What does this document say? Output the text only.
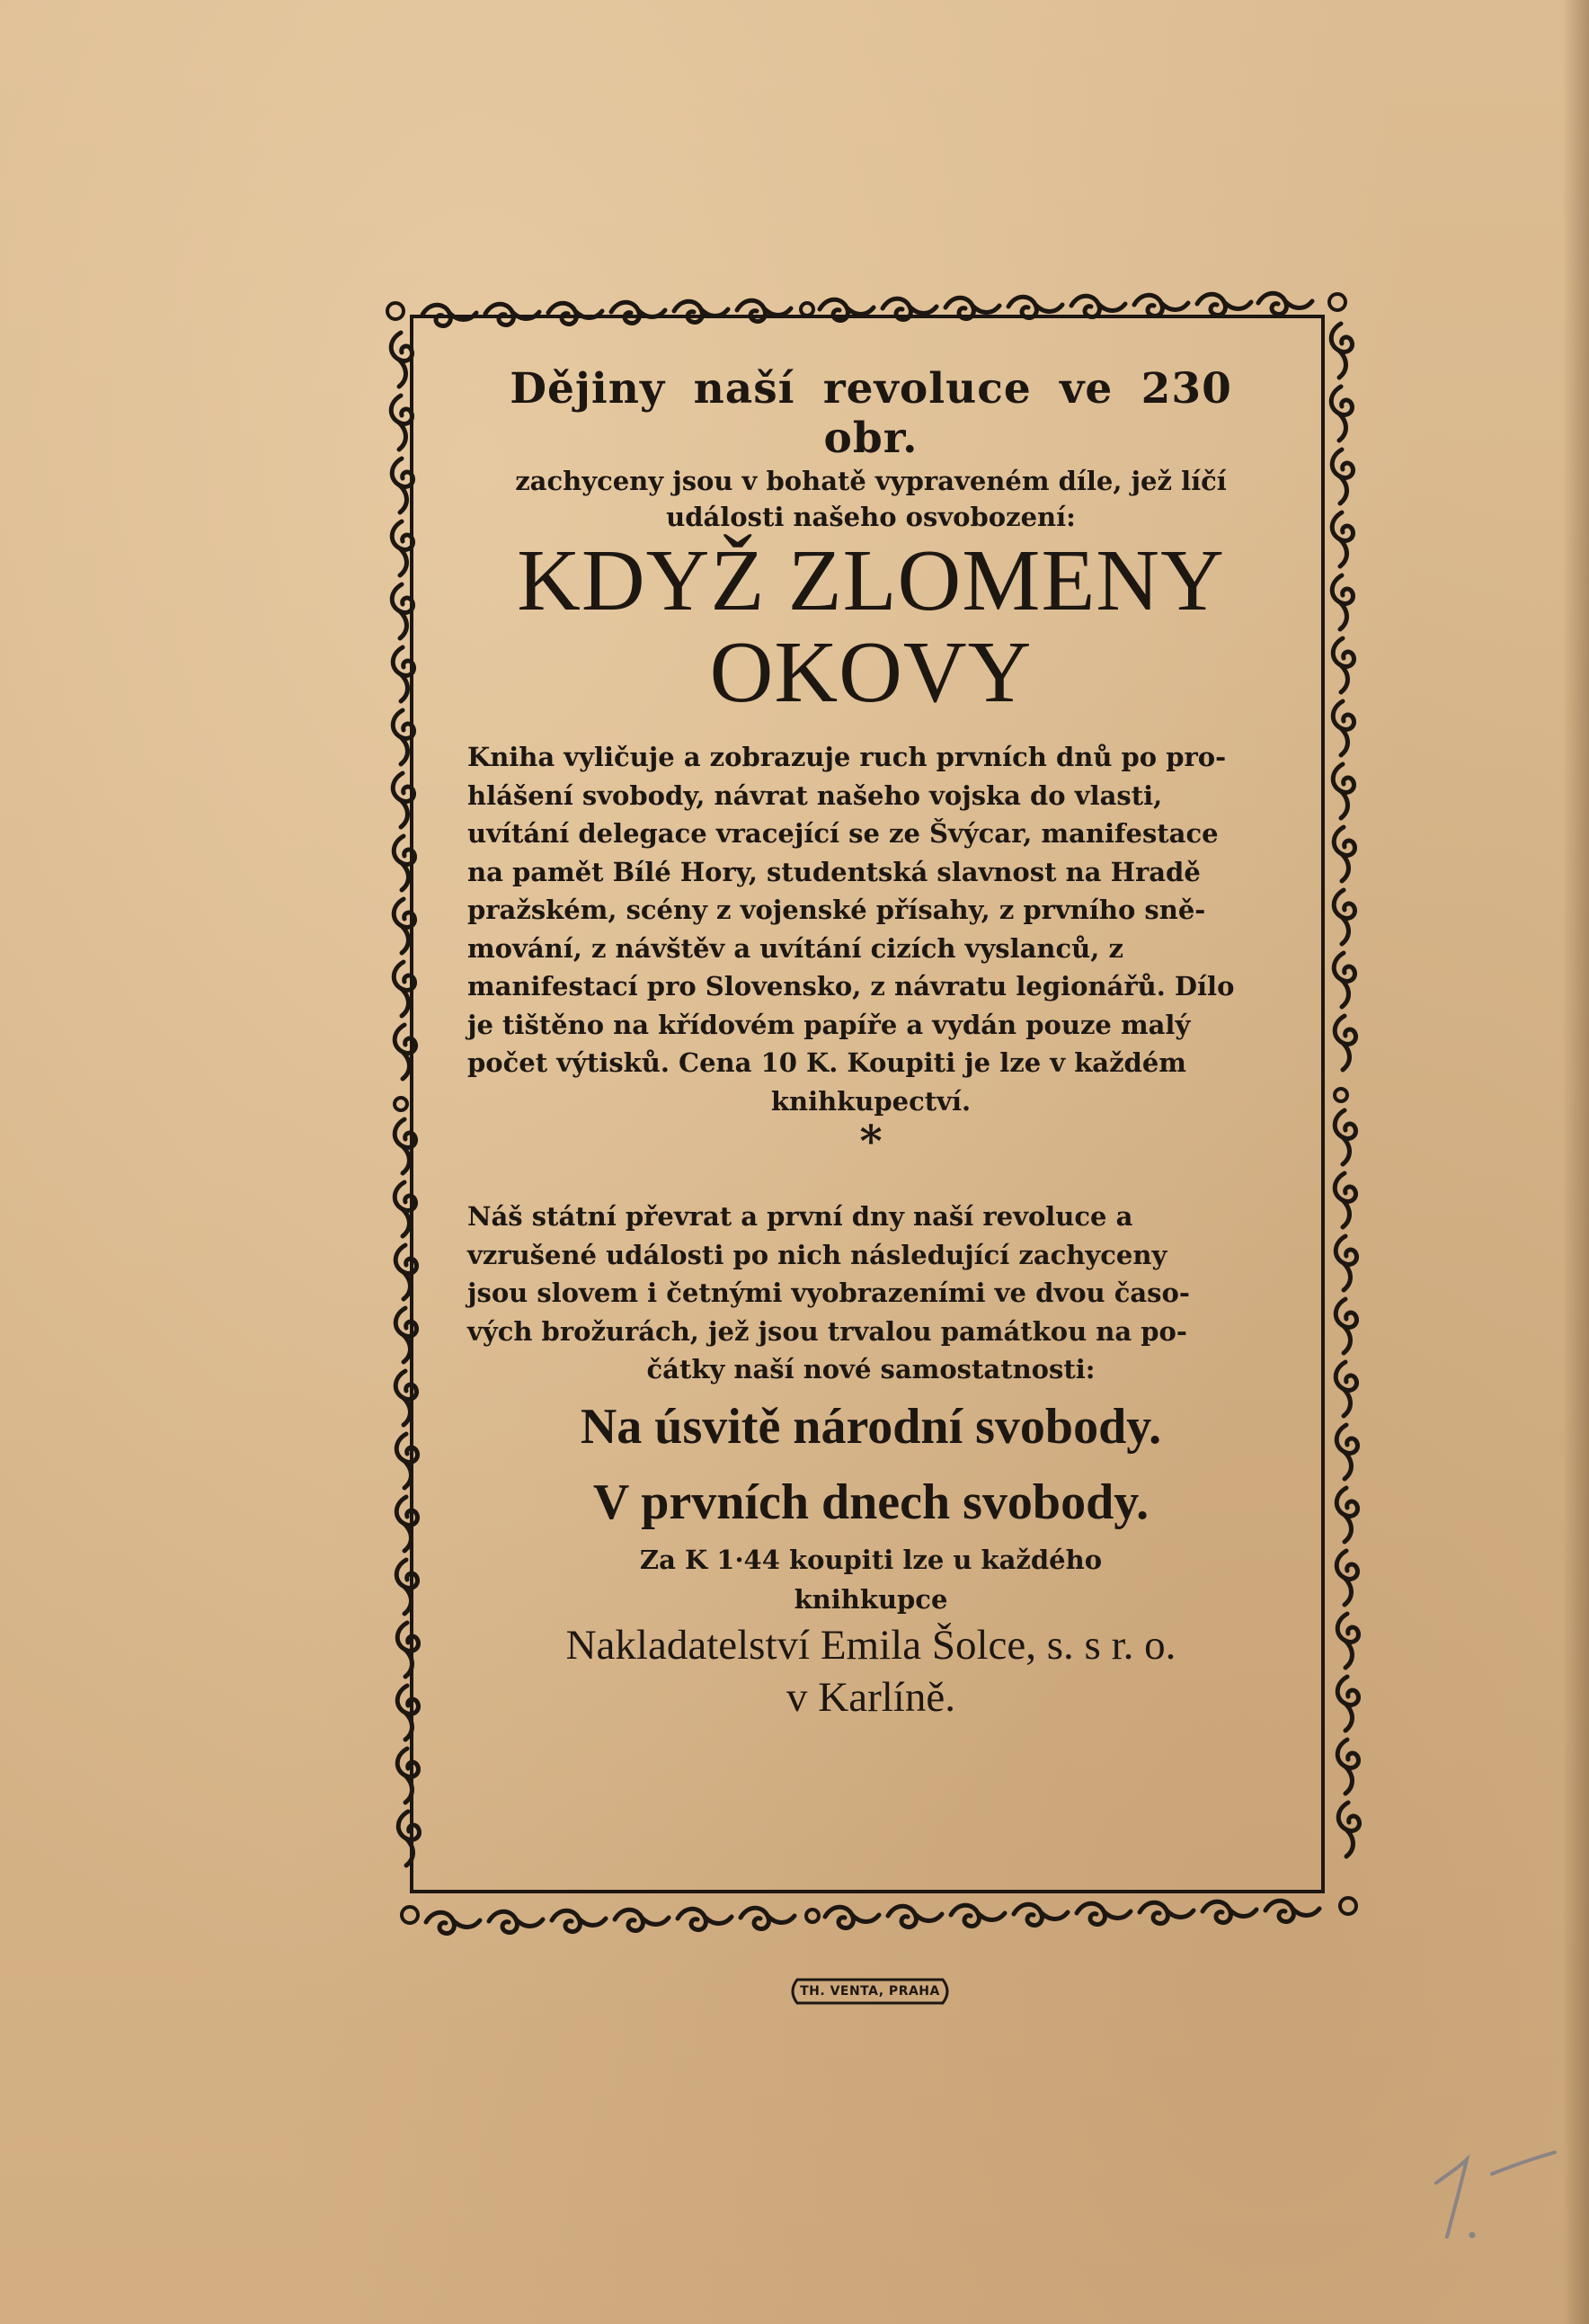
Dějiny naší revoluce ve 230 obr.

zachyceny jsou v bohatě vypraveném díle, jež líčí
události našeho osvobození:

KDYŽ ZLOMENY
OKOVY

Kniha vyličuje a zobrazuje ruch prvních dnů po pro-

hlášení svobody, návrat našeho vojska do vlasti,

uvítání delegace vracející se ze Švýcar, manifestace

na pamět Bílé Hory, studentská slavnost na Hradě

pražském, scény z vojenské přísahy, z prvního sně-

mování, z návštěv a uvítání cizích vyslanců, z

manifestací pro Slovensko, z návratu legionářů. Dílo

je tištěno na křídovém papíře a vydán pouze malý

počet výtisků. Cena 10 K. Koupiti je lze v každém

knihkupectví.

*

Náš státní převrat a první dny naší revoluce a

vzrušené události po nich následující zachyceny

jsou slovem i četnými vyobrazeními ve dvou časo-

vých brožurách, jež jsou trvalou památkou na po-

čátky naší nové samostatnosti:

Na úsvitě národní svobody.
V prvních dnech svobody.

Za K 1·44 koupiti lze u každého
knihkupce

Nakladatelství Emila Šolce, s. s r. o.
v Karlíně.

TH. VENTA, PRAHA
